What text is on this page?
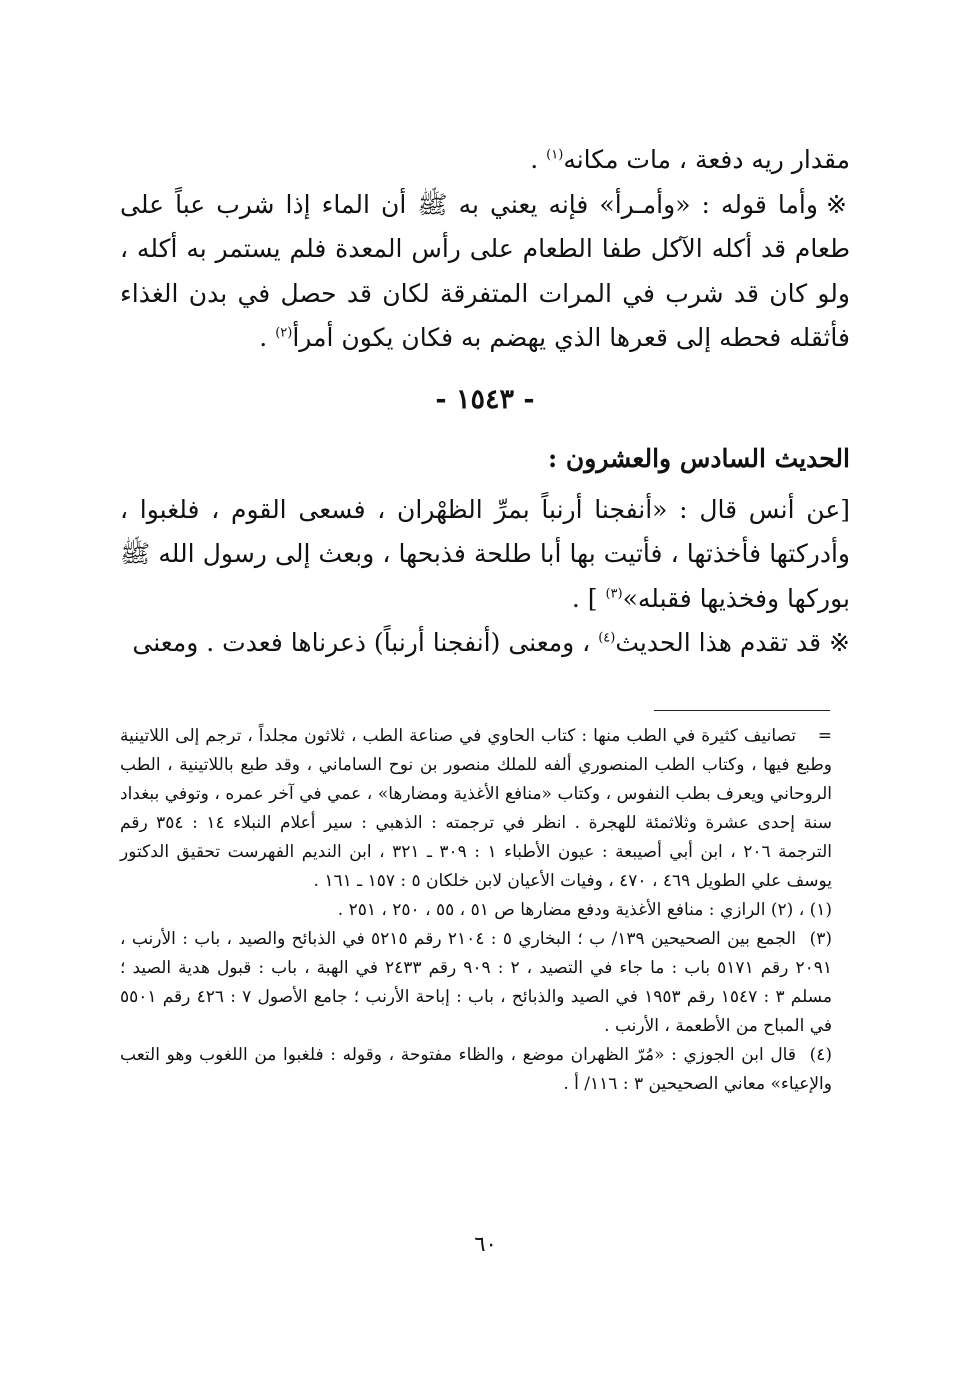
مقدار ريه دفعة ، مات مكانه$^{(١)}$ .

※وأما قوله : «وأمـرأ» فإنه يعني به ﷺ أن الماء إذا شرب عباً على طعام قد أكله الآكل طفا الطعام على رأس المعدة فلم يستمر به أكله ، ولو كان قد شرب في المرات المتفرقة لكان قد حصل في بدن الغذاء فأثقله فحطه إلى قعرها الذي يهضم به فكان يكون أمرأ$^{(٢)}$ .

- ١٥٤٣ -

الحديث السادس والعشرون :

[عن أنس قال : «أنفجنا أرنباً بمرِّ الظهْران ، فسعى القوم ، فلغبوا ، وأدركتها فأخذتها ، فأتيت بها أبا طلحة فذبحها ، وبعث إلى رسول الله ﷺ بوركها وفخذيها فقبله»$^{(٣)}$ ] .

※قد تقدم هذا الحديث$^{(٤)}$ ، ومعنى (أنفجنا أرنباً) ذعرناها فعدت . ومعنى

=تصانيف كثيرة في الطب منها : كتاب الحاوي في صناعة الطب ، ثلاثون مجلداً ، ترجم إلى اللاتينية وطبع فيها ، وكتاب الطب المنصوري ألفه للملك منصور بن نوح الساماني ، وقد طبع باللاتينية ، الطب الروحاني ويعرف بطب النفوس ، وكتاب «منافع الأغذية ومضارها» ، عمي في آخر عمره ، وتوفي ببغداد سنة إحدى عشرة وثلاثمئة للهجرة . انظر في ترجمته : الذهبي : سير أعلام النبلاء ١٤ : ٣٥٤ رقم الترجمة ٢٠٦ ، ابن أبي أصيبعة : عيون الأطباء ١ : ٣٠٩ ـ ٣٢١ ، ابن النديم الفهرست تحقيق الدكتور يوسف علي الطويل ٤٦٩ ، ٤٧٠ ، وفيات الأعيان لابن خلكان ٥ : ١٥٧ ـ ١٦١ .

(١) ، (٢) الرازي : منافع الأغذية ودفع مضارها ص ٥١ ، ٥٥ ، ٢٥٠ ، ٢٥١ .

(٣)الجمع بين الصحيحين ١٣٩/ ب ؛ البخاري ٥ : ٢١٠٤ رقم ٥٢١٥ في الذبائح والصيد ، باب : الأرنب ، ٢٠٩١ رقم ٥١٧١ باب : ما جاء في التصيد ، ٢ : ٩٠٩ رقم ٢٤٣٣ في الهبة ، باب : قبول هدية الصيد ؛ مسلم ٣ : ١٥٤٧ رقم ١٩٥٣ في الصيد والذبائح ، باب : إباحة الأرنب ؛ جامع الأصول ٧ : ٤٢٦ رقم ٥٥٠١ في المباح من الأطعمة ، الأرنب .

(٤)قال ابن الجوزي : «مُرّ الظهران موضع ، والظاء مفتوحة ، وقوله : فلغبوا من اللغوب وهو التعب والإعياء» معاني الصحيحين ٣ : ١١٦/ أ .

٦٠
